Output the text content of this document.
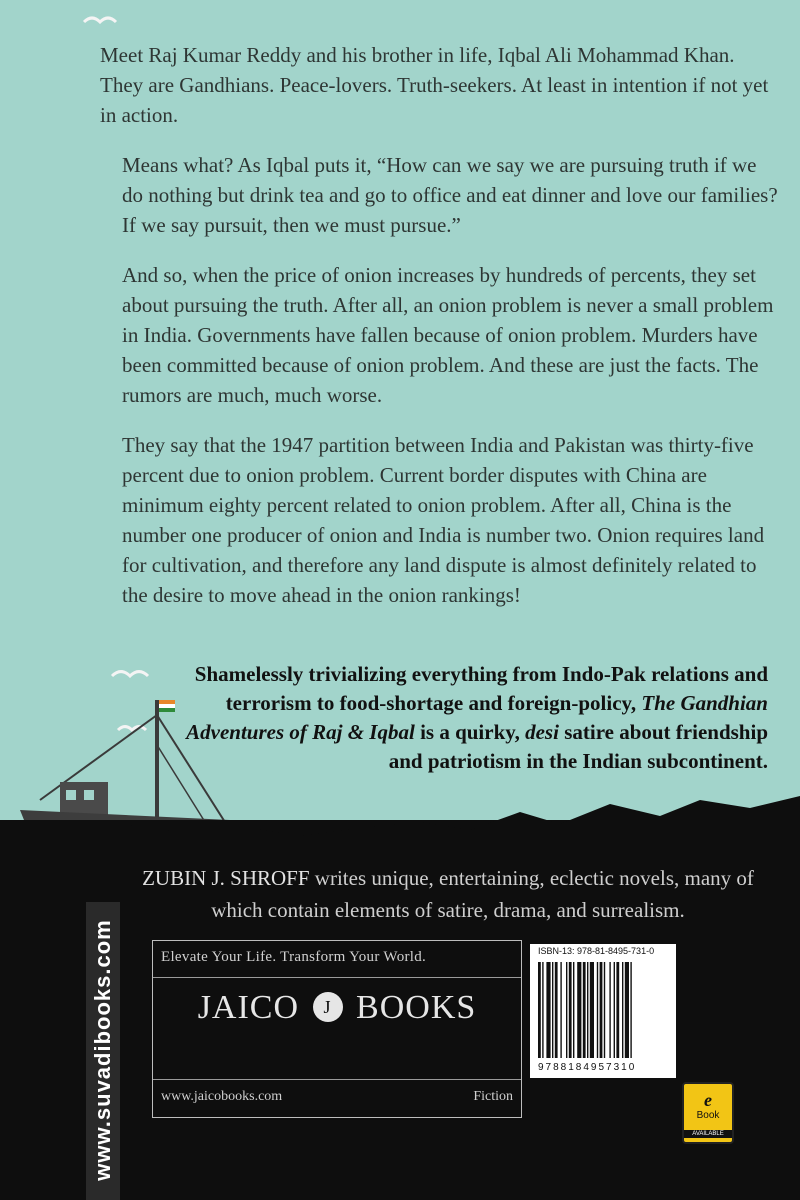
Meet Raj Kumar Reddy and his brother in life, Iqbal Ali Mohammad Khan. They are Gandhians. Peace-lovers. Truth-seekers. At least in intention if not yet in action.

Means what? As Iqbal puts it, “How can we say we are pursuing truth if we do nothing but drink tea and go to office and eat dinner and love our families? If we say pursuit, then we must pursue.”

And so, when the price of onion increases by hundreds of percents, they set about pursuing the truth. After all, an onion problem is never a small problem in India. Governments have fallen because of onion problem. Murders have been committed because of onion problem. And these are just the facts. The rumors are much, much worse.

They say that the 1947 partition between India and Pakistan was thirty-five percent due to onion problem. Current border disputes with China are minimum eighty percent related to onion problem. After all, China is the number one producer of onion and India is number two. Onion requires land for cultivation, and therefore any land dispute is almost definitely related to the desire to move ahead in the onion rankings!

Shamelessly trivializing everything from Indo-Pak relations and terrorism to food-shortage and foreign-policy, The Gandhian Adventures of Raj & Iqbal is a quirky, desi satire about friendship and patriotism in the Indian subcontinent.
ZUBIN J. SHROFF writes unique, entertaining, eclectic novels, many of which contain elements of satire, drama, and surrealism.
www.suvadibooks.com	Elevate Your Life. Transform Your World.
JAICO J BOOKS
www.jaicobooks.com	Fiction
ISBN-13: 978-81-8495-731-0
9788184957310
e
Book
AVAILABLE
